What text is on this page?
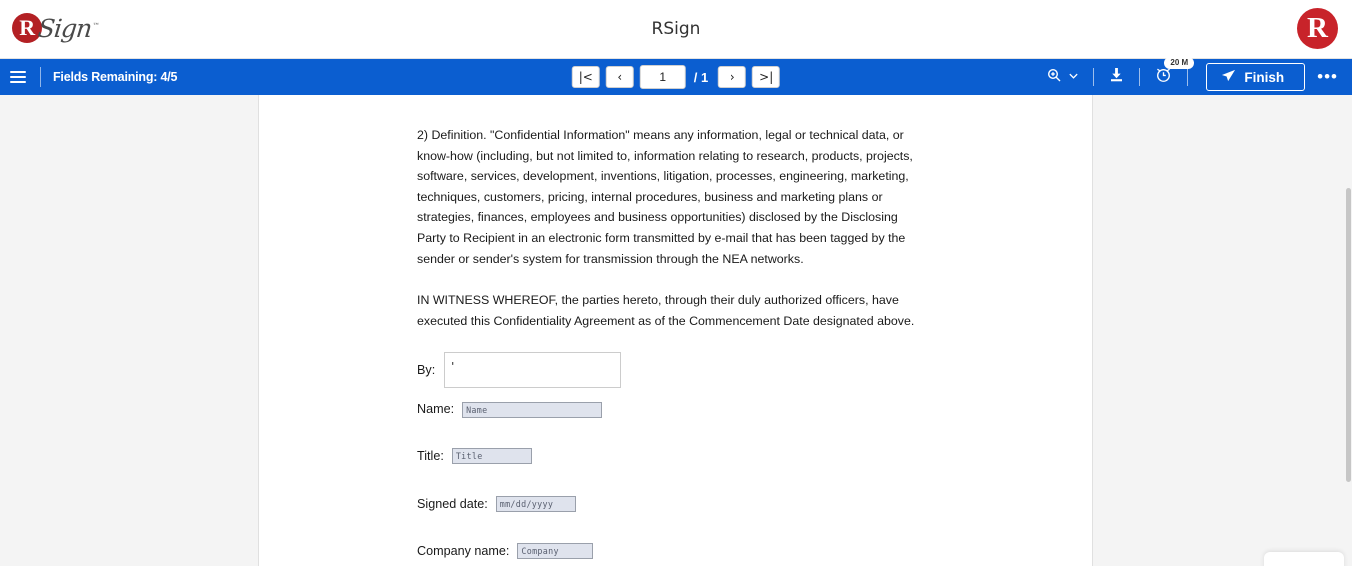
R Sign™	RSign	R
Fields Remaining: 4/5	|<	‹
1	/ 1	›	>|
20 M
Finish	•••

2) Definition. "Confidential Information" means any information, legal or technical data, or know-how (including, but not limited to, information relating to research, products, projects, software, services, development, inventions, litigation, processes, engineering, marketing, techniques, customers, pricing, internal procedures, business and marketing plans or strategies, finances, employees and business opportunities) disclosed by the Disclosing Party to Recipient in an electronic form transmitted by e-mail that has been tagged by the sender or sender's system for transmission through the NEA networks.

IN WITNESS WHEREOF, the parties hereto, through their duly authorized officers, have executed this Confidentiality Agreement as of the Commencement Date designated above.

By: '
Name:	Name
Title:	Title
Signed date:	mm/dd/yyyy
Company name:	Company
